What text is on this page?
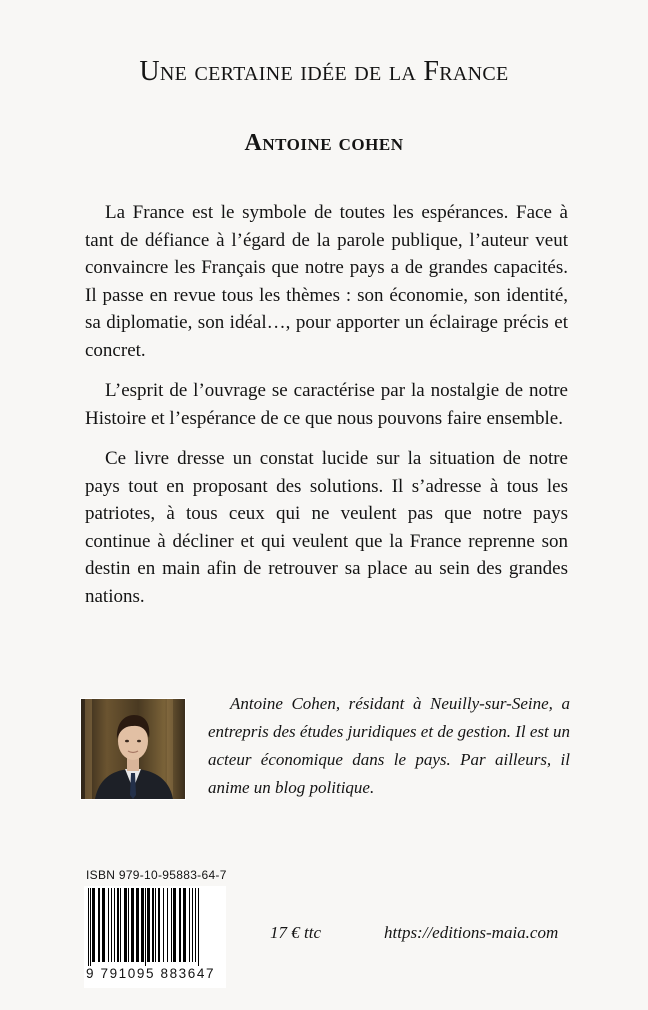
Une certaine idée de la France
Antoine cohen

La France est le symbole de toutes les espérances. Face à tant de défiance à l’égard de la parole publique, l’auteur veut convaincre les Français que notre pays a de grandes capacités. Il passe en revue tous les thèmes : son économie, son identité, sa diplomatie, son idéal…, pour apporter un éclairage précis et concret.

L’esprit de l’ouvrage se caractérise par la nostalgie de notre Histoire et l’espérance de ce que nous pouvons faire ensemble.

Ce livre dresse un constat lucide sur la situation de notre pays tout en proposant des solutions. Il s’adresse à tous les patriotes, à tous ceux qui ne veulent pas que notre pays continue à décliner et qui veulent que la France reprenne son destin en main afin de retrouver sa place au sein des grandes nations.

Antoine Cohen, résidant à Neuilly-sur-Seine, a entrepris des études juridiques et de gestion. Il est un acteur économique dans le pays. Par ailleurs, il anime un blog politique.
ISBN 979-10-95883-64-7
9 791095 883647
17 € ttc	https://editions-maia.com
